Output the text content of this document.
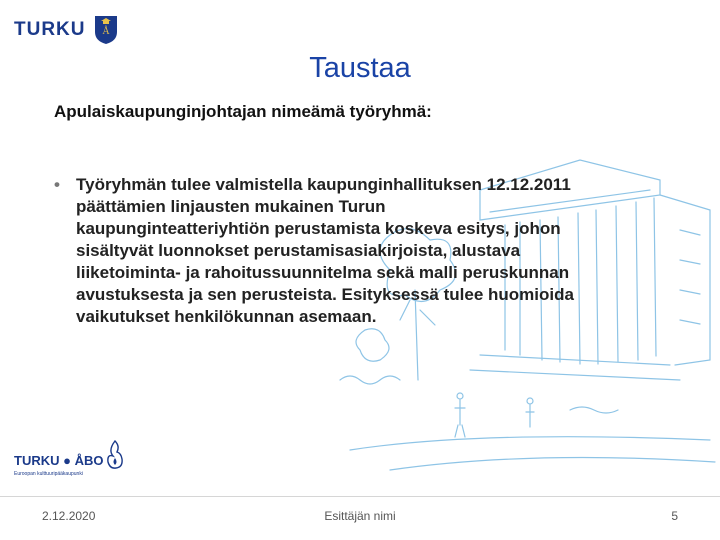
TURKU Å
Taustaa
Apulaiskaupunginjohtajan nimeämä työryhmä:
• Työryhmän tulee valmistella kaupunginhallituksen 12.12.2011
päättämien linjausten mukainen Turun
kaupunginteatteriyhtiön perustamista koskeva esitys, johon
sisältyvät luonnokset perustamisasiakirjoista, alustava
liiketoiminta- ja rahoitussuunnitelma sekä malli peruskunnan
avustuksesta ja sen perusteista. Esityksessä tulee huomioida
vaikutukset henkilökunnan asemaan.
TURKU ● ÅBO
Euroopan kulttuuripääkaupunki
2.12.2020	Esittäjän nimi	5
